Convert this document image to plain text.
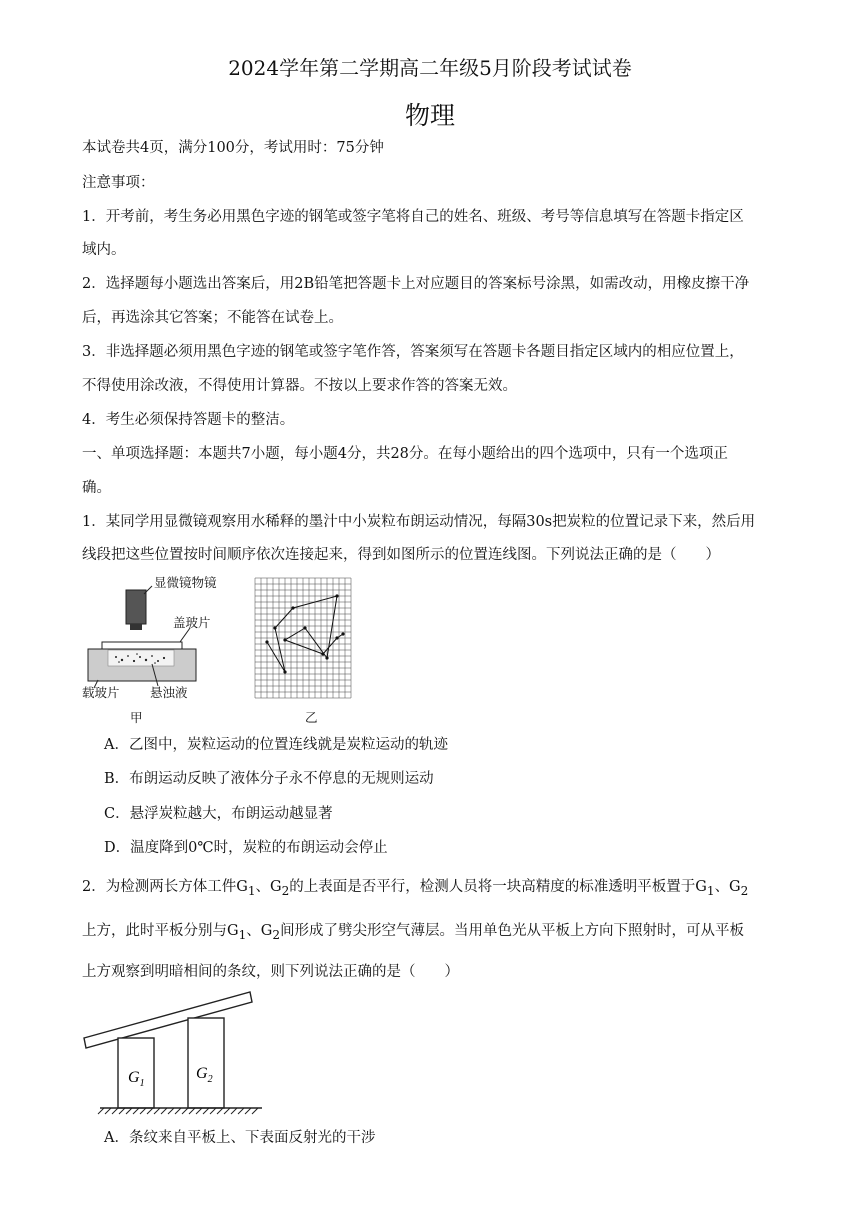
2024学年第二学期高二年级5月阶段考试试卷
物理
本试卷共4页，满分100分，考试用时：75分钟
注意事项：
1．开考前，考生务必用黑色字迹的钢笔或签字笔将自己的姓名、班级、考号等信息填写在答题卡指定区
域内。
2．选择题每小题选出答案后，用2B铅笔把答题卡上对应题目的答案标号涂黑，如需改动，用橡皮擦干净
后，再选涂其它答案；不能答在试卷上。
3．非选择题必须用黑色字迹的钢笔或签字笔作答，答案须写在答题卡各题目指定区域内的相应位置上，
不得使用涂改液，不得使用计算器。不按以上要求作答的答案无效。
4．考生必须保持答题卡的整洁。
一、单项选择题：本题共7小题，每小题4分，共28分。在每小题给出的四个选项中，只有一个选项正
确。
1．某同学用显微镜观察用水稀释的墨汁中小炭粒布朗运动情况，每隔30s把炭粒的位置记录下来，然后用
线段把这些位置按时间顺序依次连接起来，得到如图所示的位置连线图。下列说法正确的是（　　）
显微镜物镜
盖玻片
载玻片 悬浊液
甲	乙
A．乙图中，炭粒运动的位置连线就是炭粒运动的轨迹
B．布朗运动反映了液体分子永不停息的无规则运动
C．悬浮炭粒越大，布朗运动越显著
D．温度降到0℃时，炭粒的布朗运动会停止
2．为检测两长方体工件$G_1$、$G_2$的上表面是否平行，检测人员将一块高精度的标准透明平板置于$G_1$、$G_2$
上方，此时平板分别与$G_1$、$G_2$间形成了劈尖形空气薄层。当用单色光从平板上方向下照射时，可从平板
上方观察到明暗相间的条纹，则下列说法正确的是（　　）
$G_1$
$G_2$
A．条纹来自平板上、下表面反射光的干涉
